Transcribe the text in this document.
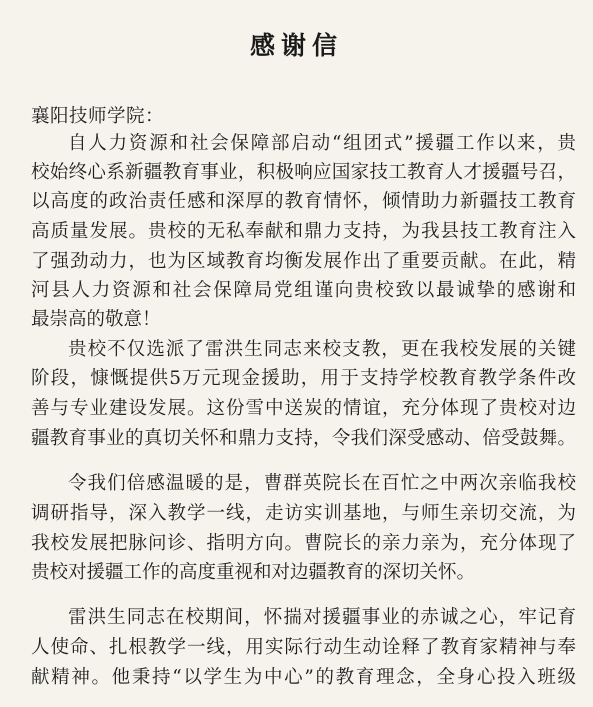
感谢信
襄阳技师学院：
自人力资源和社会保障部启动“组团式”援疆工作以来，贵
校始终心系新疆教育事业，积极响应国家技工教育人才援疆号召，
以高度的政治责任感和深厚的教育情怀，倾情助力新疆技工教育
高质量发展。贵校的无私奉献和鼎力支持，为我县技工教育注入
了强劲动力，也为区域教育均衡发展作出了重要贡献。在此，精
河县人力资源和社会保障局党组谨向贵校致以最诚挚的感谢和
最崇高的敬意！
贵校不仅选派了雷洪生同志来校支教，更在我校发展的关键
阶段，慷慨提供5万元现金援助，用于支持学校教育教学条件改
善与专业建设发展。这份雪中送炭的情谊，充分体现了贵校对边
疆教育事业的真切关怀和鼎力支持，令我们深受感动、倍受鼓舞。
令我们倍感温暖的是，曹群英院长在百忙之中两次亲临我校
调研指导，深入教学一线，走访实训基地，与师生亲切交流，为
我校发展把脉问诊、指明方向。曹院长的亲力亲为，充分体现了
贵校对援疆工作的高度重视和对边疆教育的深切关怀。
雷洪生同志在校期间，怀揣对援疆事业的赤诚之心，牢记育
人使命、扎根教学一线，用实际行动生动诠释了教育家精神与奉
献精神。他秉持“以学生为中心”的教育理念，全身心投入班级
